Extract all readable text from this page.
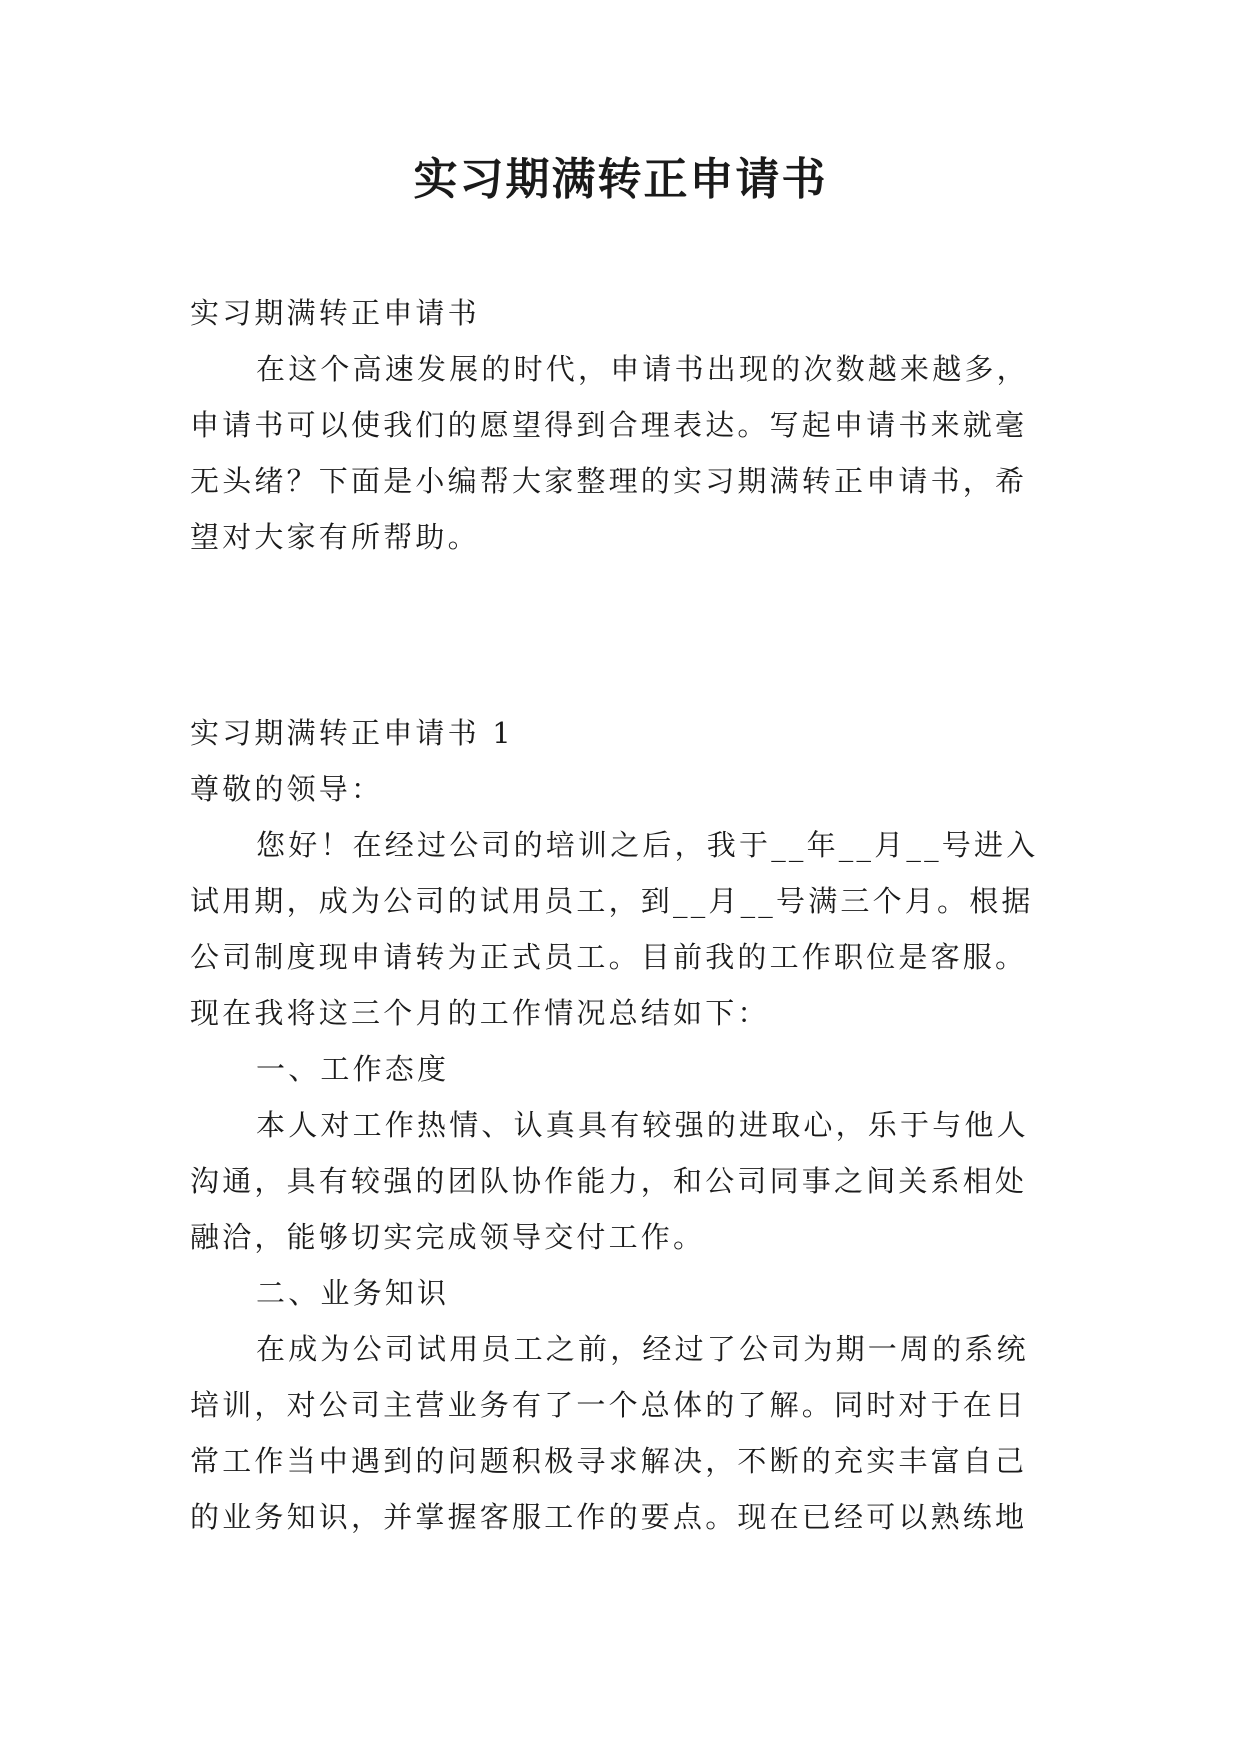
实习期满转正申请书
实习期满转正申请书
在这个高速发展的时代，申请书出现的次数越来越多，
申请书可以使我们的愿望得到合理表达。写起申请书来就毫
无头绪？下面是小编帮大家整理的实习期满转正申请书，希
望对大家有所帮助。
实习期满转正申请书 1
尊敬的领导：
您好！在经过公司的培训之后，我于__年__月__号进入
试用期，成为公司的试用员工，到__月__号满三个月。根据
公司制度现申请转为正式员工。目前我的工作职位是客服。
现在我将这三个月的工作情况总结如下：
一、工作态度
本人对工作热情、认真具有较强的进取心，乐于与他人
沟通，具有较强的团队协作能力，和公司同事之间关系相处
融洽，能够切实完成领导交付工作。
二、业务知识
在成为公司试用员工之前，经过了公司为期一周的系统
培训，对公司主营业务有了一个总体的了解。同时对于在日
常工作当中遇到的问题积极寻求解决，不断的充实丰富自己
的业务知识，并掌握客服工作的要点。现在已经可以熟练地
